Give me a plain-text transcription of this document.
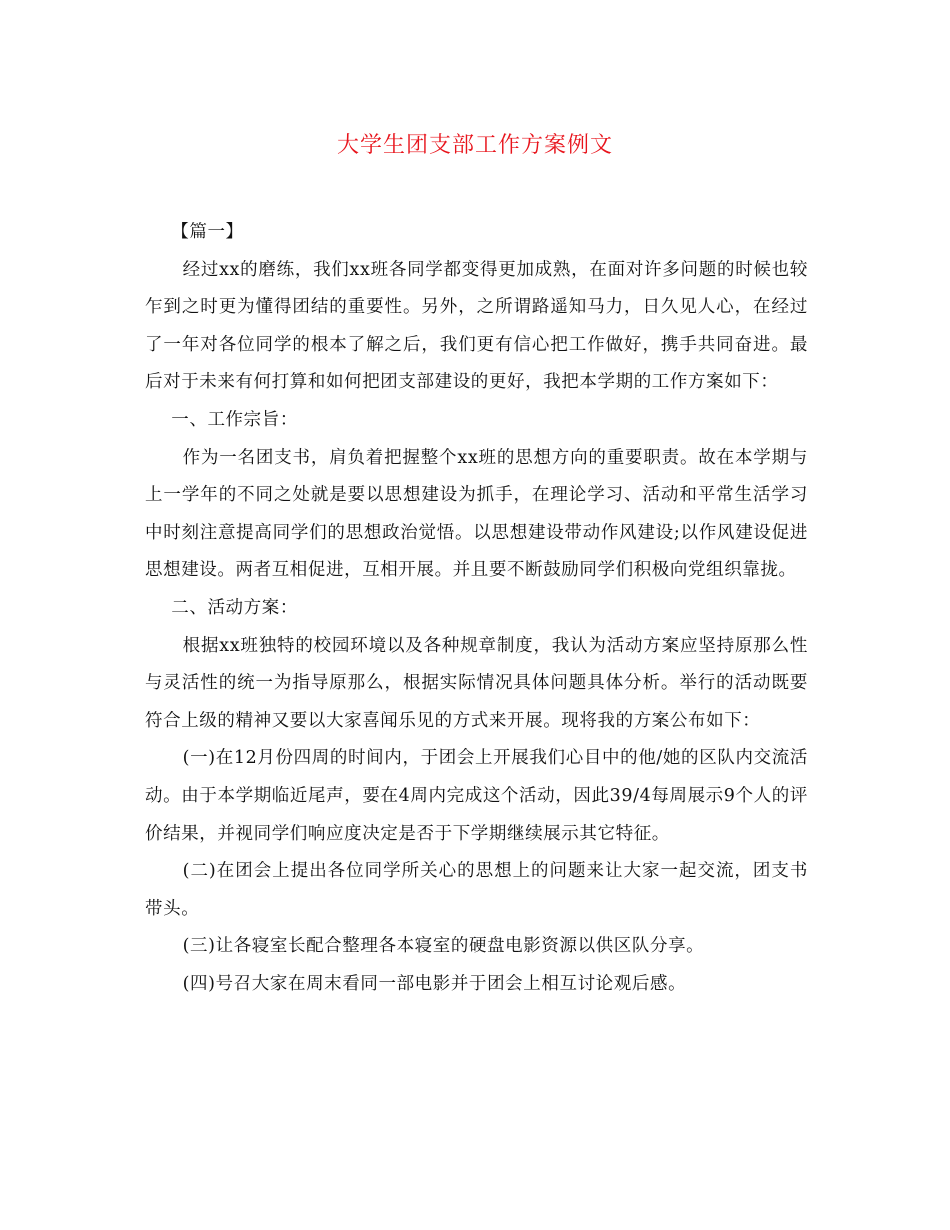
大学生团支部工作方案例文

【篇一】

经过xx的磨练，我们xx班各同学都变得更加成熟，在面对许多问题的时候也较乍到之时更为懂得团结的重要性。另外，之所谓路遥知马力，日久见人心，在经过了一年对各位同学的根本了解之后，我们更有信心把工作做好，携手共同奋进。最后对于未来有何打算和如何把团支部建设的更好，我把本学期的工作方案如下：

一、工作宗旨：

作为一名团支书，肩负着把握整个xx班的思想方向的重要职责。故在本学期与上一学年的不同之处就是要以思想建设为抓手，在理论学习、活动和平常生活学习中时刻注意提高同学们的思想政治觉悟。以思想建设带动作风建设;以作风建设促进思想建设。两者互相促进，互相开展。并且要不断鼓励同学们积极向党组织靠拢。

二、活动方案：

根据xx班独特的校园环境以及各种规章制度，我认为活动方案应坚持原那么性与灵活性的统一为指导原那么，根据实际情况具体问题具体分析。举行的活动既要符合上级的精神又要以大家喜闻乐见的方式来开展。现将我的方案公布如下：

(一)在12月份四周的时间内，于团会上开展我们心目中的他/她的区队内交流活动。由于本学期临近尾声，要在4周内完成这个活动，因此39/4每周展示9个人的评价结果，并视同学们响应度决定是否于下学期继续展示其它特征。

(二)在团会上提出各位同学所关心的思想上的问题来让大家一起交流，团支书带头。

(三)让各寝室长配合整理各本寝室的硬盘电影资源以供区队分享。

(四)号召大家在周末看同一部电影并于团会上相互讨论观后感。
